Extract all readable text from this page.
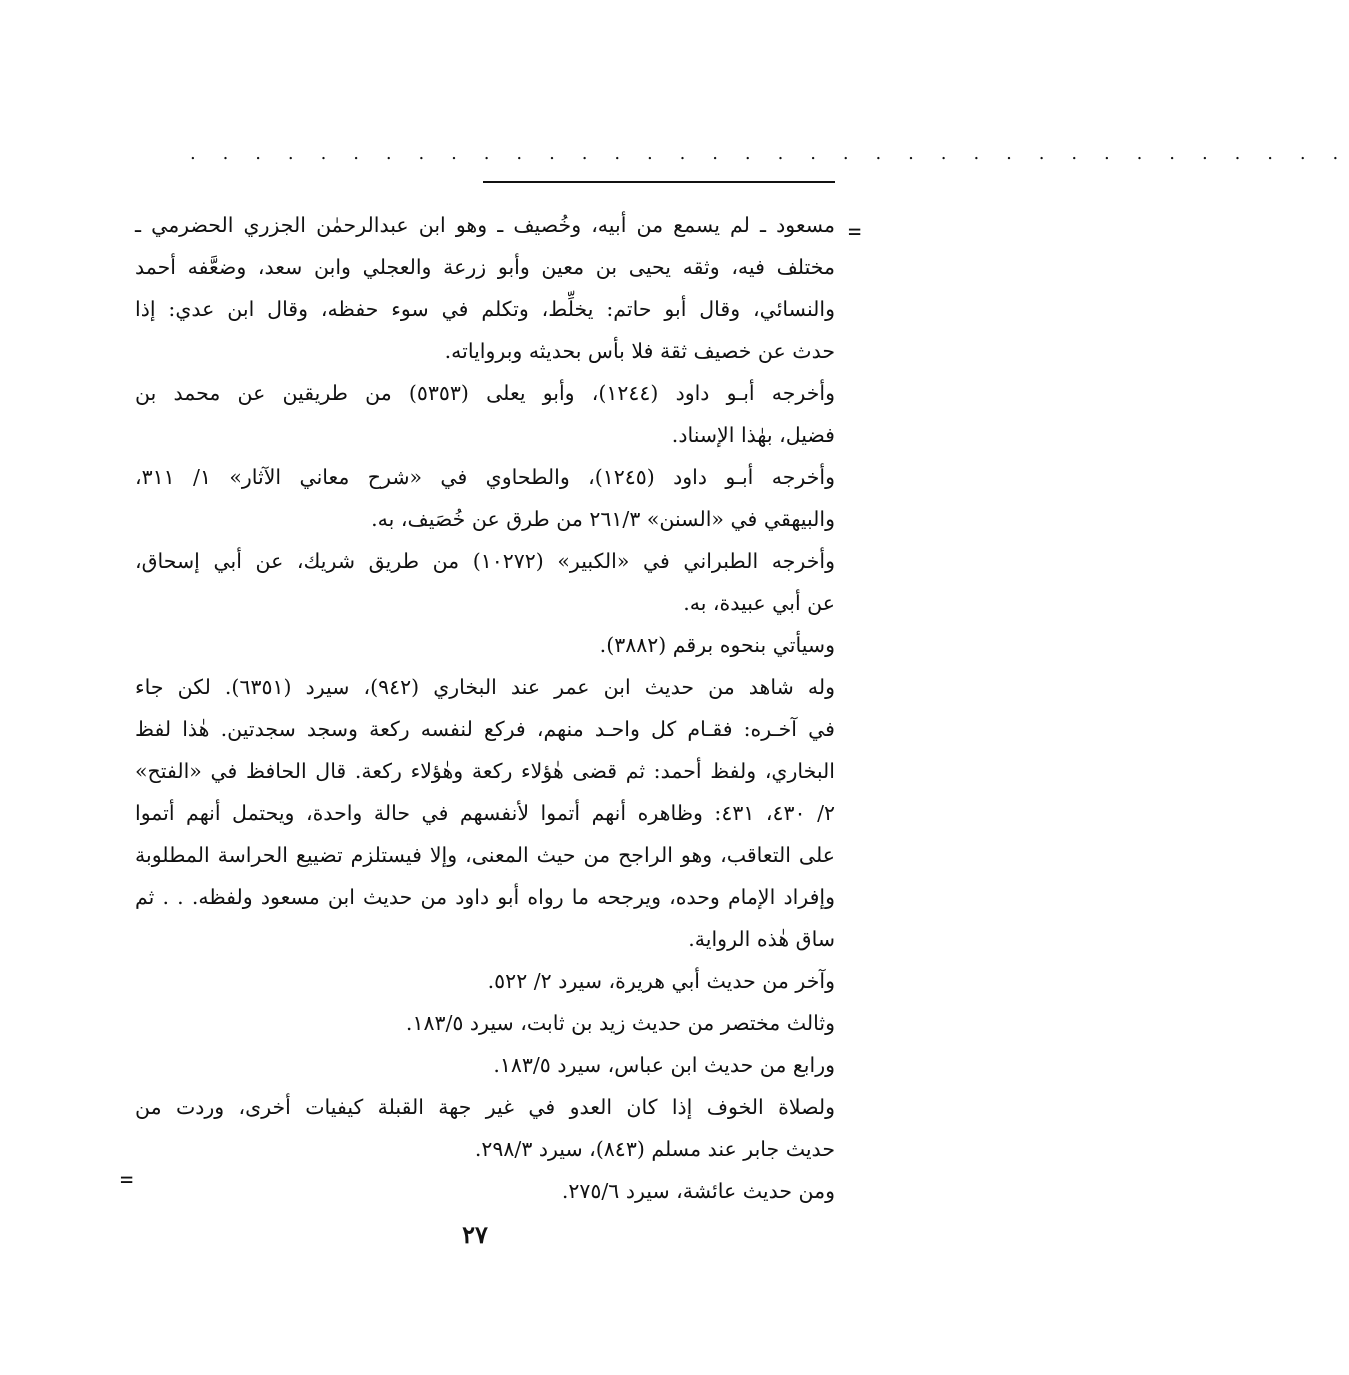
. . . . . . . . . . . . . . . . . . . . . . . . . . . . . . . . . . . .
=
مسعود ـ لم يسمع من أبيه، وخُصيف ـ وهو ابن عبدالرحمٰن الجزري الحضرمي ـ
مختلف فيه، وثقه يحيى بن معين وأبو زرعة والعجلي وابن سعد، وضعَّفه أحمد
والنسائي، وقال أبو حاتم: يخلِّط، وتكلم في سوء حفظه، وقال ابن عدي: إذا
حدث عن خصيف ثقة فلا بأس بحديثه وبرواياته.
وأخرجه أبـو داود (١٢٤٤)، وأبو يعلى (٥٣٥٣) من طريقين عن محمد بن
فضيل، بهٰذا الإسناد.
وأخرجه أبـو داود (١٢٤٥)، والطحاوي في «شرح معاني الآثار» ١/ ٣١١،
والبيهقي في «السنن» ٢٦١/٣ من طرق عن خُصَيف، به.
وأخرجه الطبراني في «الكبير» (١٠٢٧٢) من طريق شريك، عن أبي إسحاق،
عن أبي عبيدة، به.
وسيأتي بنحوه برقم (٣٨٨٢).
وله شاهد من حديث ابن عمر عند البخاري (٩٤٢)، سيرد (٦٣٥١). لكن جاء
في آخـره: فقـام كل واحـد منهم، فركع لنفسه ركعة وسجد سجدتين. هٰذا لفظ
البخاري، ولفظ أحمد: ثم قضى هٰؤلاء ركعة وهٰؤلاء ركعة. قال الحافظ في «الفتح»
٢/ ٤٣٠، ٤٣١: وظاهره أنهم أتموا لأنفسهم في حالة واحدة، ويحتمل أنهم أتموا
على التعاقب، وهو الراجح من حيث المعنى، وإلا فيستلزم تضييع الحراسة المطلوبة
وإفراد الإمام وحده، ويرجحه ما رواه أبو داود من حديث ابن مسعود ولفظه. . . ثم
ساق هٰذه الرواية.
وآخر من حديث أبي هريرة، سيرد ٢/ ٥٢٢.
وثالث مختصر من حديث زيد بن ثابت، سيرد ١٨٣/٥.
ورابع من حديث ابن عباس، سيرد ١٨٣/٥.
ولصلاة الخوف إذا كان العدو في غير جهة القبلة كيفيات أخرى، وردت من
حديث جابر عند مسلم (٨٤٣)، سيرد ٢٩٨/٣.
ومن حديث عائشة، سيرد ٢٧٥/٦.
=
٢٧
